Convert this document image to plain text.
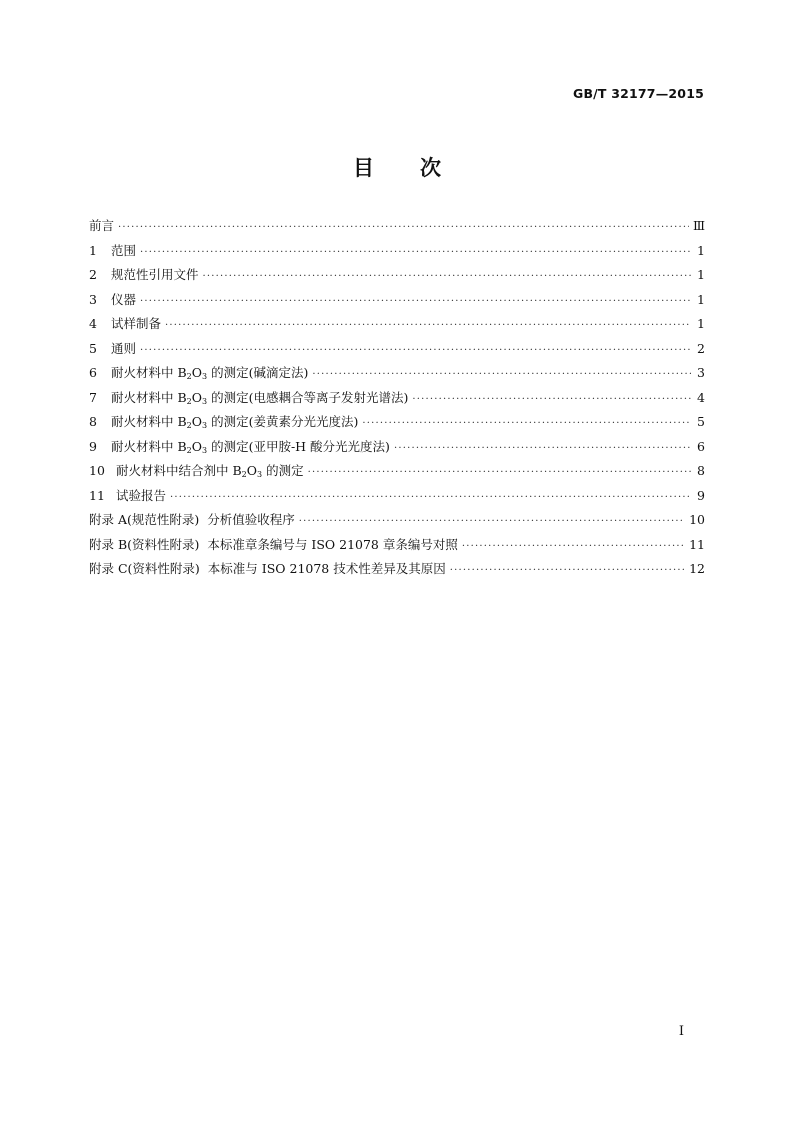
GB/T 32177—2015
目 次
前言 ·····	Ⅲ
1	范围 ·····	1
2	规范性引用文件 ·····	1
3	仪器 ·····	1
4	试样制备 ·····	1
5	通则 ·····	2
6	耐火材料中 $B_2O_3$ 的测定(碱滴定法) ·····	3
7	耐火材料中 $B_2O_3$ 的测定(电感耦合等离子发射光谱法) ·····	4
8	耐火材料中 $B_2O_3$ 的测定(姜黄素分光光度法) ·····	5
9	耐火材料中 $B_2O_3$ 的测定(亚甲胺-H 酸分光光度法) ·····	6
10 耐火材料中结合剂中 $B_2O_3$ 的测定 ·····	8
11 试验报告 ·····	9
附录 A(规范性附录) 分析值验收程序 ·····	10
附录 B(资料性附录) 本标准章条编号与 ISO 21078 章条编号对照 ·····	11
附录 C(资料性附录) 本标准与 ISO 21078 技术性差异及其原因 ·····	12
I
